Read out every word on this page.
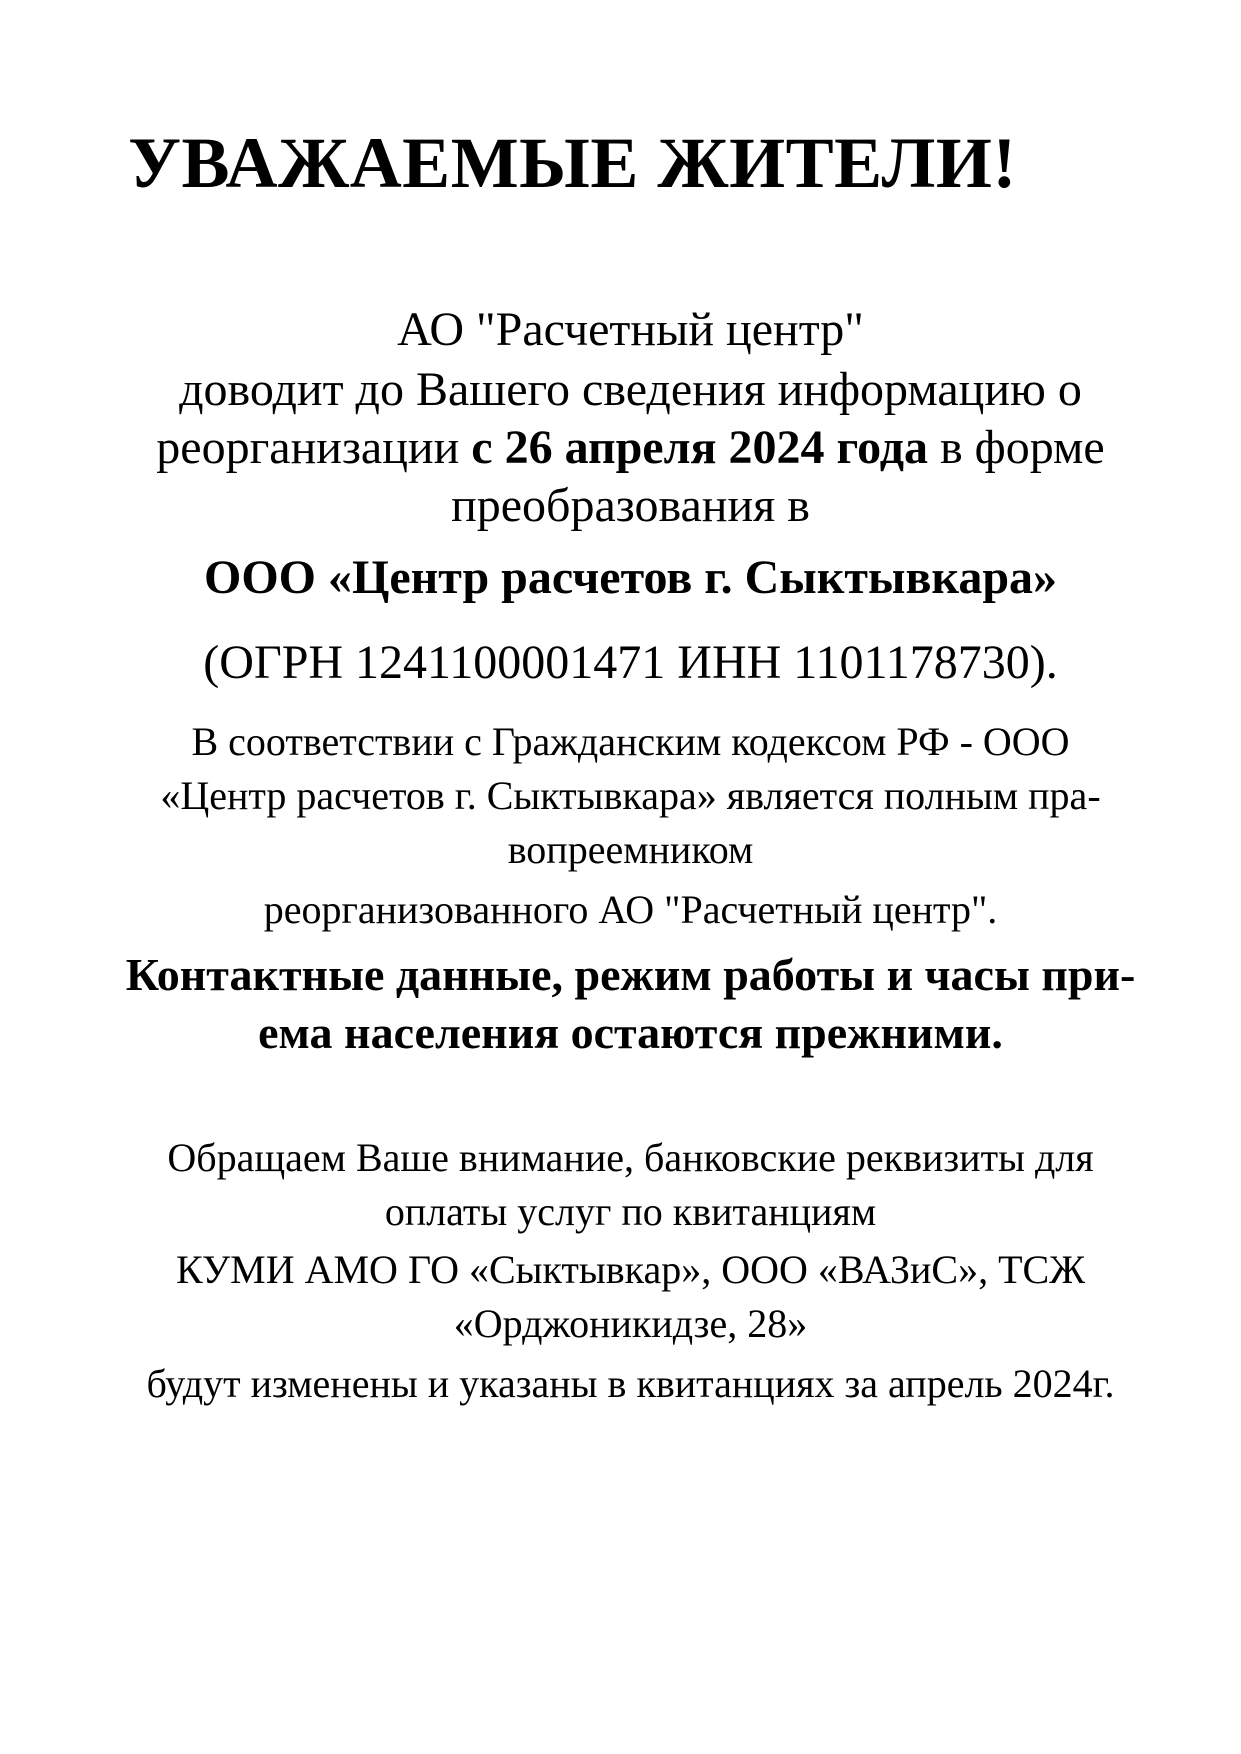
УВАЖАЕМЫЕ ЖИТЕЛИ!

АО "Расчетный центр"

доводит до Вашего сведения информацию о

реорганизации с 26 апреля 2024 года в форме

преобразования в

ООО «Центр расчетов г. Сыктывкара»

(ОГРН 1241100001471 ИНН 1101178730).

В соответствии с Гражданским кодексом РФ - ООО

«Центр расчетов г. Сыктывкара» является полным пра-

вопреемником

реорганизованного АО "Расчетный центр".

Контактные данные, режим работы и часы при-

ема населения остаются прежними.

Обращаем Ваше внимание, банковские реквизиты для

оплаты услуг по квитанциям

КУМИ АМО ГО «Сыктывкар», ООО «ВАЗиС», ТСЖ

«Орджоникидзе, 28»

будут изменены и указаны в квитанциях за апрель 2024г.
